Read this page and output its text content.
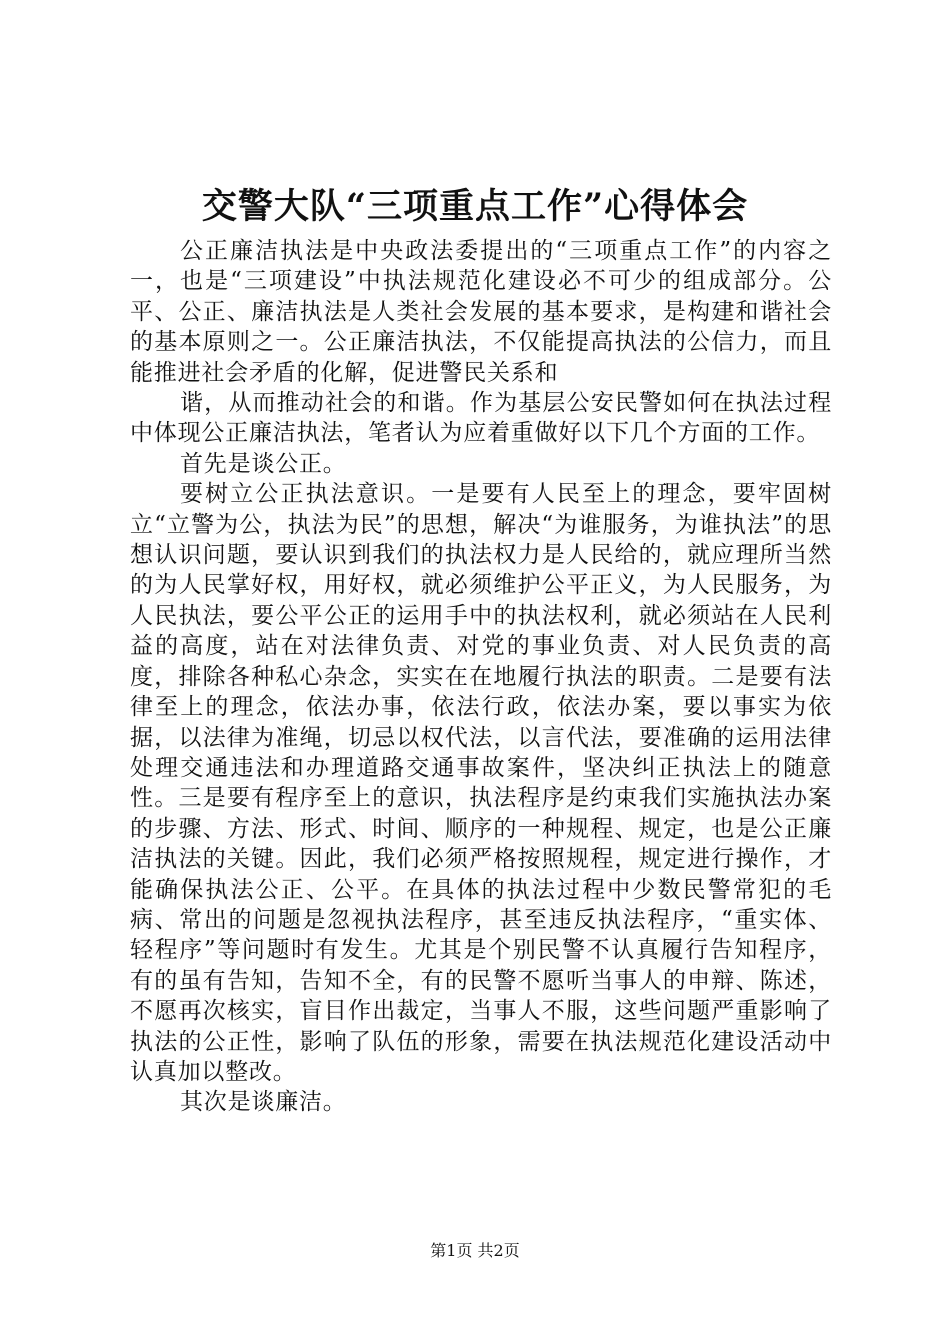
交警大队“三项重点工作”心得体会

公正廉洁执法是中央政法委提出的“三项重点工作”的内容之一，也是“三项建设”中执法规范化建设必不可少的组成部分。公平、公正、廉洁执法是人类社会发展的基本要求，是构建和谐社会的基本原则之一。公正廉洁执法，不仅能提高执法的公信力，而且能推进社会矛盾的化解，促进警民关系和

谐，从而推动社会的和谐。作为基层公安民警如何在执法过程中体现公正廉洁执法，笔者认为应着重做好以下几个方面的工作。

首先是谈公正。

要树立公正执法意识。一是要有人民至上的理念，要牢固树立“立警为公，执法为民”的思想，解决“为谁服务，为谁执法”的思想认识问题，要认识到我们的执法权力是人民给的，就应理所当然的为人民掌好权，用好权，就必须维护公平正义，为人民服务，为人民执法，要公平公正的运用手中的执法权利，就必须站在人民利益的高度，站在对法律负责、对党的事业负责、对人民负责的高度，排除各种私心杂念，实实在在地履行执法的职责。二是要有法律至上的理念，依法办事，依法行政，依法办案，要以事实为依据，以法律为准绳，切忌以权代法，以言代法，要准确的运用法律处理交通违法和办理道路交通事故案件，坚决纠正执法上的随意性。三是要有程序至上的意识，执法程序是约束我们实施执法办案的步骤、方法、形式、时间、顺序的一种规程、规定，也是公正廉洁执法的关键。因此，我们必须严格按照规程，规定进行操作，才能确保执法公正、公平。在具体的执法过程中少数民警常犯的毛病、常出的问题是忽视执法程序，甚至违反执法程序，“重实体、轻程序”等问题时有发生。尤其是个别民警不认真履行告知程序，有的虽有告知，告知不全，有的民警不愿听当事人的申辩、陈述，不愿再次核实，盲目作出裁定，当事人不服，这些问题严重影响了执法的公正性，影响了队伍的形象，需要在执法规范化建设活动中认真加以整改。

其次是谈廉洁。

第1页 共2页
